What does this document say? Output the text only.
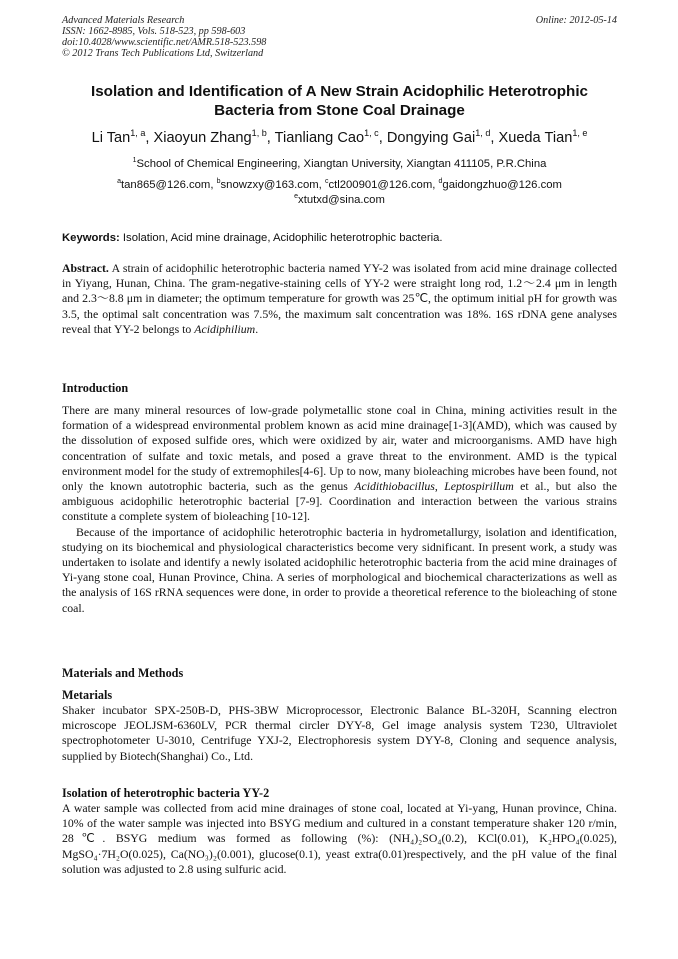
Advanced Materials Research
ISSN: 1662-8985, Vols. 518-523, pp 598-603
doi:10.4028/www.scientific.net/AMR.518-523.598
© 2012 Trans Tech Publications Ltd, Switzerland
Online: 2012-05-14
Isolation and Identification of A New Strain Acidophilic Heterotrophic
Bacteria from Stone Coal Drainage
Li Tan$^{1, a}$, Xiaoyun Zhang$^{1, b}$, Tianliang Cao$^{1, c}$, Dongying Gai$^{1, d}$, Xueda Tian$^{1, e}$
$^1$School of Chemical Engineering, Xiangtan University, Xiangtan 411105, P.R.China
$^a$tan865@126.com, $^b$snowzxy@163.com, $^c$ctl200901@126.com, $^d$gaidongzhuo@126.com
$^e$xtutxd@sina.com
Keywords: Isolation, Acid mine drainage, Acidophilic heterotrophic bacteria.

Abstract. A strain of acidophilic heterotrophic bacteria named YY-2 was isolated from acid mine drainage collected in Yiyang, Hunan, China. The gram-negative-staining cells of YY-2 were straight long rod, 1.2～2.4 μm in length and 2.3～8.8 μm in diameter; the optimum temperature for growth was 25℃, the optimum initial pH for growth was 3.5, the optimal salt concentration was 7.5%, the maximum salt concentration was 18%. 16S rDNA gene analyses reveal that YY-2 belongs to Acidiphilium.

Introduction

There are many mineral resources of low-grade polymetallic stone coal in China, mining activities result in the formation of a widespread environmental problem known as acid mine drainage[1-3](AMD), which was caused by the dissolution of exposed sulfide ores, which were oxidized by air, water and microorganisms. AMD have high concentration of sulfate and toxic metals, and posed a grave threat to the environment. AMD is the typical environment model for the study of extremophiles[4-6]. Up to now, many bioleaching microbes have been found, not only the known autotrophic bacteria, such as the genus Acidithiobacillus, Leptospirillum et al., but also the ambiguous acidophilic heterotrophic bacterial [7-9]. Coordination and interaction between the various strains constitute a complete system of bioleaching [10-12].

Because of the importance of acidophilic heterotrophic bacteria in hydrometallurgy, isolation and identification, studying on its biochemical and physiological characteristics become very sidnificant. In present work, a study was undertaken to isolate and identify a newly isolated acidophilic heterotrophic bacteria from the acid mine drainages of Yi-yang stone coal, Hunan Province, China. A series of morphological and biochemical characterizations as well as the analysis of 16S rRNA sequences were done, in order to provide a theoretical reference to the bioleaching of stone coal.

Materials and Methods
Metarials

Shaker incubator SPX-250B-D, PHS-3BW Microprocessor, Electronic Balance BL-320H, Scanning electron microscope JEOLJSM-6360LV, PCR thermal circler DYY-8, Gel image analysis system T230, Ultraviolet spectrophotometer U-3010, Centrifuge YXJ-2, Electrophoresis system DYY-8, Cloning and sequence analysis, supplied by Biotech(Shanghai) Co., Ltd.

Isolation of heterotrophic bacteria YY-2

A water sample was collected from acid mine drainages of stone coal, located at Yi-yang, Hunan province, China. 10% of the water sample was injected into BSYG medium and cultured in a constant temperature shaker 120 r/min, 28℃. BSYG medium was formed as following (%): (NH₄)₂SO₄(0.2), KCl(0.01), K₂HPO₄(0.025), MgSO₄·7H₂O(0.025), Ca(NO₃)₂(0.001), glucose(0.1), yeast extra(0.01)respectively, and the pH value of the final solution was adjusted to 2.8 using sulfuric acid.
